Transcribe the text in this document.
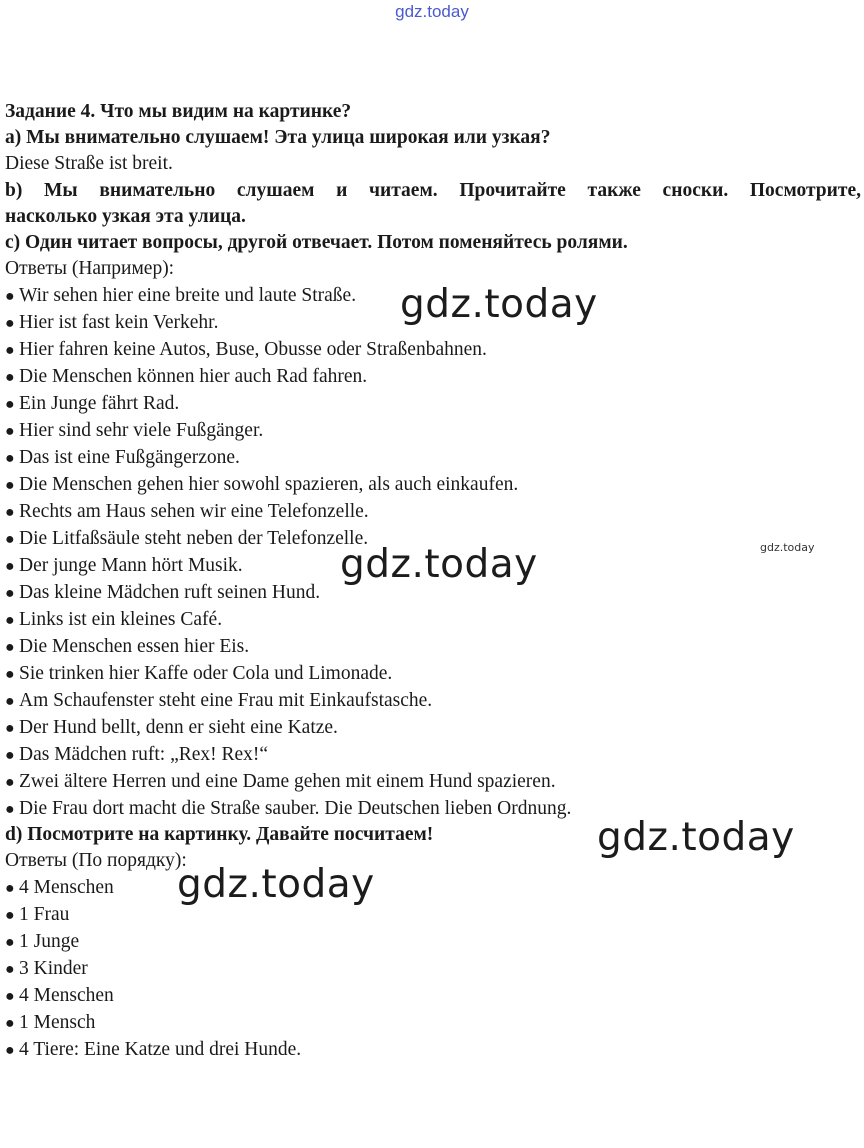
gdz.today
Задание 4. Что мы видим на картинке?
a) Мы внимательно слушаем! Эта улица широкая или узкая?
Diese Straße ist breit.
b) Мы внимательно слушаем и читаем. Прочитайте также сноски. Посмотрите,
насколько узкая эта улица.
c) Один читает вопросы, другой отвечает. Потом поменяйтесь ролями.
Ответы (Например):
● Wir sehen hier eine breite und laute Straße.
● Hier ist fast kein Verkehr.
● Hier fahren keine Autos, Buse, Obusse oder Straßenbahnen.
● Die Menschen können hier auch Rad fahren.
● Ein Junge fährt Rad.
● Hier sind sehr viele Fußgänger.
● Das ist eine Fußgängerzone.
● Die Menschen gehen hier sowohl spazieren, als auch einkaufen.
● Rechts am Haus sehen wir eine Telefonzelle.
● Die Litfaßsäule steht neben der Telefonzelle.
● Der junge Mann hört Musik.
● Das kleine Mädchen ruft seinen Hund.
● Links ist ein kleines Café.
● Die Menschen essen hier Eis.
● Sie trinken hier Kaffe oder Cola und Limonade.
● Am Schaufenster steht eine Frau mit Einkaufstasche.
● Der Hund bellt, denn er sieht eine Katze.
● Das Mädchen ruft: „Rex! Rex!“
● Zwei ältere Herren und eine Dame gehen mit einem Hund spazieren.
● Die Frau dort macht die Straße sauber. Die Deutschen lieben Ordnung.
d) Посмотрите на картинку. Давайте посчитаем!
Ответы (По порядку):
● 4 Menschen
● 1 Frau
● 1 Junge
● 3 Kinder
● 4 Menschen
● 1 Mensch
● 4 Tiere: Eine Katze und drei Hunde.
gdz.today
gdz.today
gdz.today
gdz.today
gdz.today
